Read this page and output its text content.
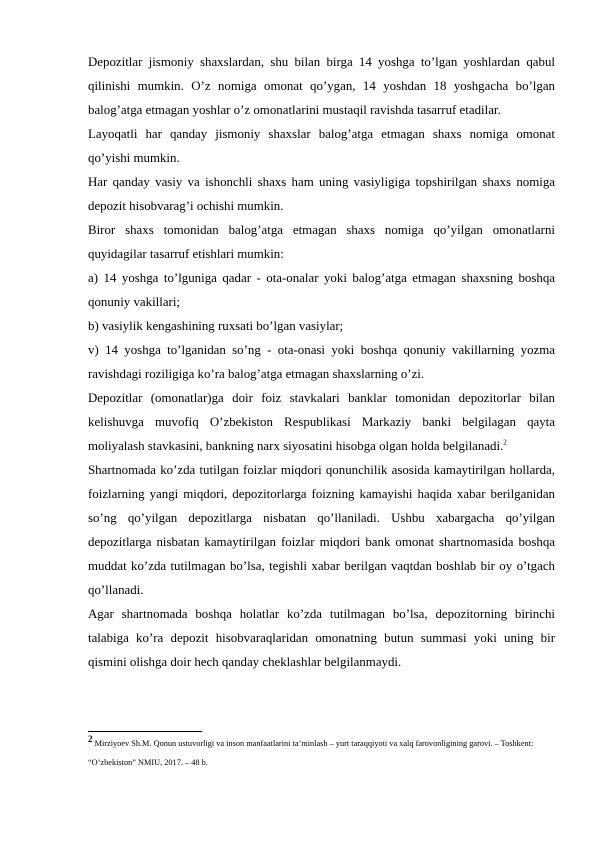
Depozitlar jismoniy shaxslardan, shu bilan birga 14 yoshga to’lgan yoshlardan qabul qilinishi mumkin. O’z nomiga omonat qo’ygan, 14 yoshdan 18 yoshgacha bo’lgan balog’atga etmagan yoshlar o’z omonatlarini mustaqil ravishda tasarruf etadilar.

Layoqatli har qanday jismoniy shaxslar balog’atga etmagan shaxs nomiga omonat qo’yishi mumkin.

Har qanday vasiy va ishonchli shaxs ham uning vasiyligiga topshirilgan shaxs nomiga depozit hisobvarag’i ochishi mumkin.

Biror shaxs tomonidan balog’atga etmagan shaxs nomiga qo’yilgan omonatlarni quyidagilar tasarruf etishlari mumkin:

a) 14 yoshga to’lguniga qadar - ota-onalar yoki balog’atga etmagan shaxsning boshqa qonuniy vakillari;

b) vasiylik kengashining ruxsati bo’lgan vasiylar;

v) 14 yoshga to’lganidan so’ng - ota-onasi yoki boshqa qonuniy vakillarning yozma ravishdagi roziligiga ko’ra balog’atga etmagan shaxslarning o’zi.

Depozitlar (omonatlar)ga doir foiz stavkalari banklar tomonidan depozitorlar bilan kelishuvga muvofiq O’zbekiston Respublikasi Markaziy banki belgilagan qayta moliyalash stavkasini, bankning narx siyosatini hisobga olgan holda belgilanadi.$^2$

Shartnomada ko’zda tutilgan foizlar miqdori qonunchilik asosida kamaytirilgan hollarda, foizlarning yangi miqdori, depozitorlarga foizning kamayishi haqida xabar berilganidan so’ng qo’yilgan depozitlarga nisbatan qo’llaniladi. Ushbu xabargacha qo’yilgan depozitlarga nisbatan kamaytirilgan foizlar miqdori bank omonat shartnomasida boshqa muddat ko’zda tutilmagan bo’lsa, tegishli xabar berilgan vaqtdan boshlab bir oy o’tgach qo’llanadi.

Agar shartnomada boshqa holatlar ko’zda tutilmagan bo’lsa, depozitorning birinchi talabiga ko’ra depozit hisobvaraqlaridan omonatning butun summasi yoki uning bir qismini olishga doir hech qanday cheklashlar belgilanmaydi.

2 Mirziyoev Sh.M. Qonun ustuvorligi va inson manfaatlarini ta’minlash – yurt taraqqiyoti va xalq farovonligining garovi. – Toshkent: “O’zbekiston” NMIU, 2017. – 48 b.
